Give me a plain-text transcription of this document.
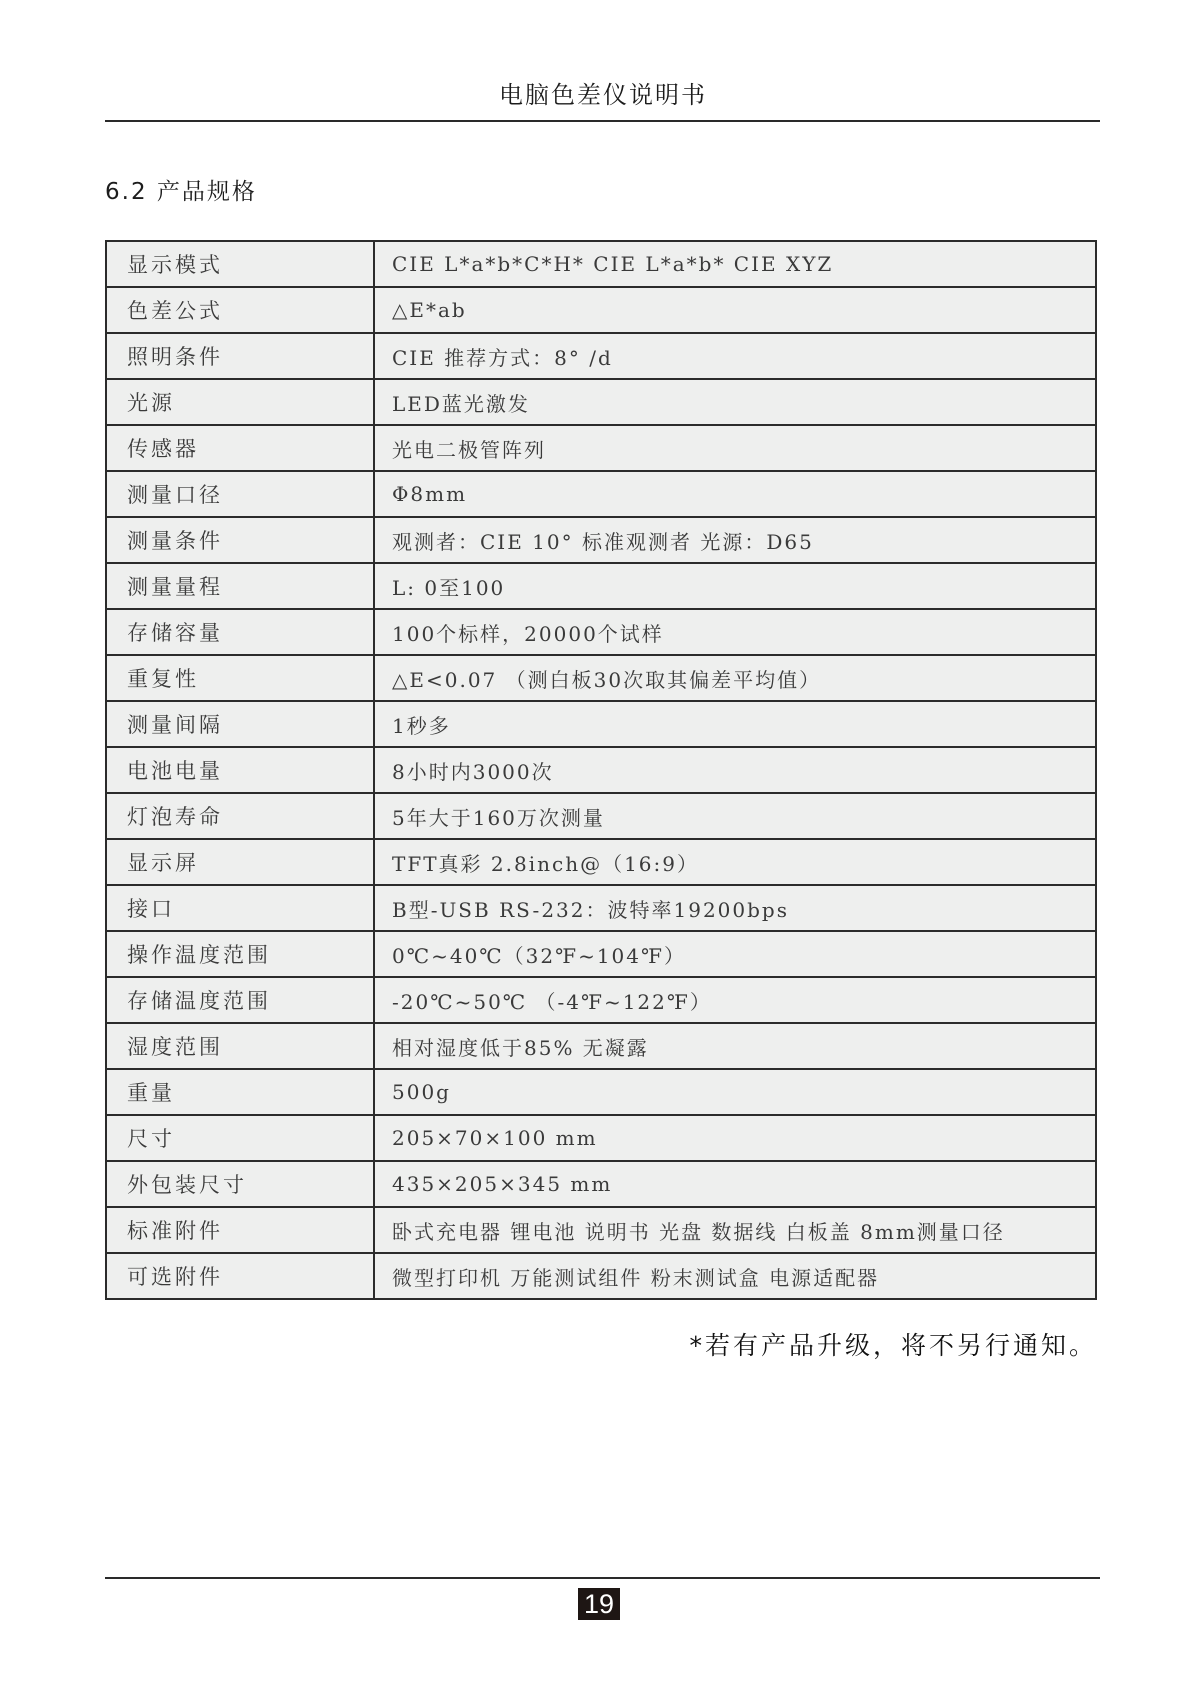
电脑色差仪说明书
6.2 产品规格
显示模式	CIE L*a*b*C*H* CIE L*a*b* CIE XYZ
色差公式	△E*ab
照明条件	CIE 推荐方式：8° /d
光源	LED蓝光激发
传感器	光电二极管阵列
测量口径	Φ8mm
测量条件	观测者：CIE 10° 标准观测者 光源：D65
测量量程	L: 0至100
存储容量	100个标样，20000个试样
重复性	△E<0.07 （测白板30次取其偏差平均值）
测量间隔	1秒多
电池电量	8小时内3000次
灯泡寿命	5年大于160万次测量
显示屏	TFT真彩 2.8inch@（16:9）
接口	B型-USB RS-232：波特率19200bps
操作温度范围	0℃~40℃（32℉~104℉）
存储温度范围	-20℃~50℃ （-4℉~122℉）
湿度范围	相对湿度低于85% 无凝露
重量	500g
尺寸	205×70×100 mm
外包装尺寸	435×205×345 mm
标准附件	卧式充电器 锂电池 说明书 光盘 数据线 白板盖 8mm测量口径
可选附件	微型打印机 万能测试组件 粉末测试盒 电源适配器
*若有产品升级，将不另行通知。
19
